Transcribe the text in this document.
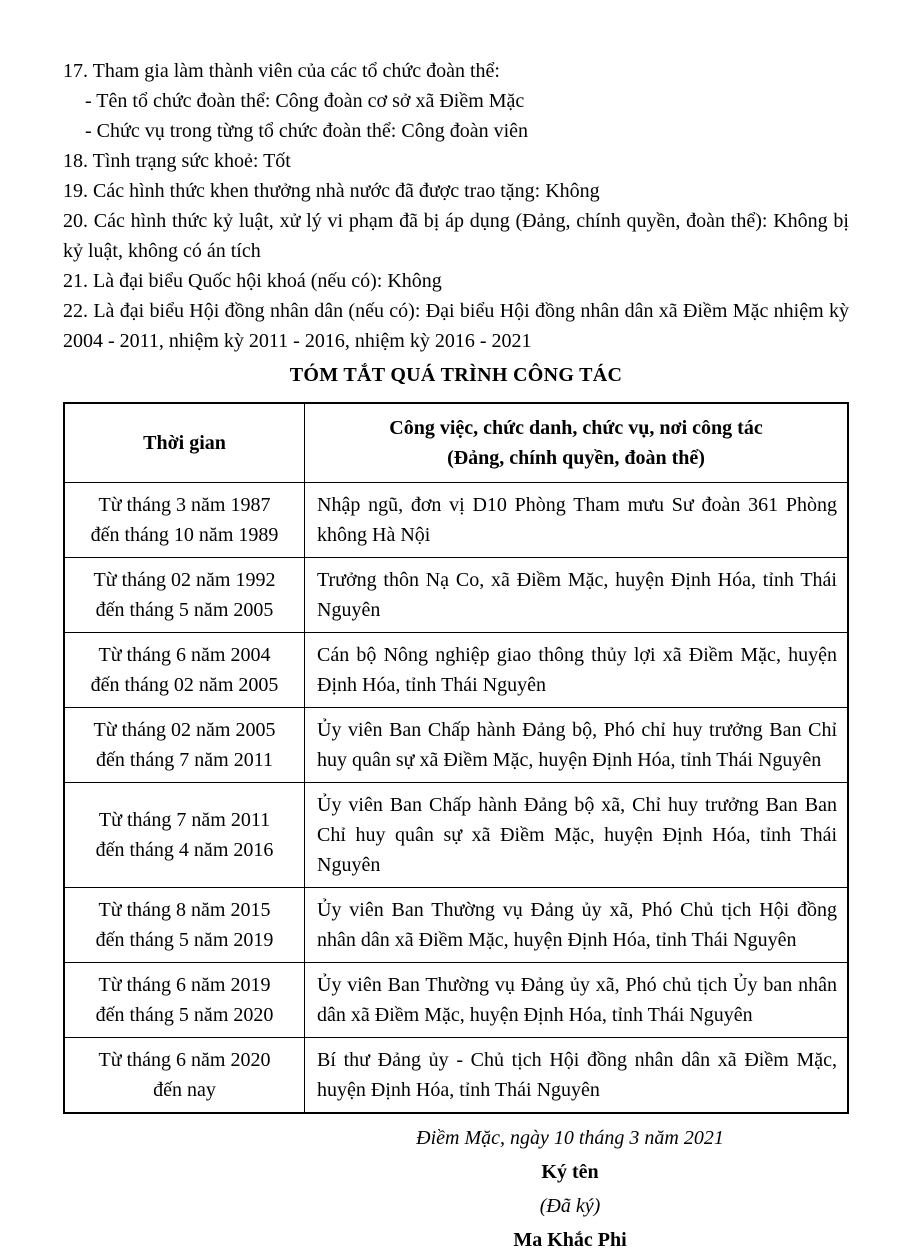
17. Tham gia làm thành viên của các tổ chức đoàn thể:

- Tên tổ chức đoàn thể: Công đoàn cơ sở xã Điềm Mặc

- Chức vụ trong từng tổ chức đoàn thể: Công đoàn viên

18. Tình trạng sức khoẻ: Tốt

19. Các hình thức khen thưởng nhà nước đã được trao tặng: Không

20. Các hình thức kỷ luật, xử lý vi phạm đã bị áp dụng (Đảng, chính quyền, đoàn thể): Không bị kỷ luật, không có án tích

21. Là đại biểu Quốc hội khoá (nếu có): Không

22. Là đại biểu Hội đồng nhân dân (nếu có): Đại biểu Hội đồng nhân dân xã Điềm Mặc nhiệm kỳ 2004 - 2011, nhiệm kỳ 2011 - 2016, nhiệm kỳ 2016 - 2021

TÓM TẮT QUÁ TRÌNH CÔNG TÁC
Thời gian	Công việc, chức danh, chức vụ, nơi công tác
(Đảng, chính quyền, đoàn thể)

Từ tháng 3 năm 1987
đến tháng 10 năm 1989	Nhập ngũ, đơn vị D10 Phòng Tham mưu Sư đoàn 361 Phòng không Hà Nội

Từ tháng 02 năm 1992
đến tháng 5 năm 2005	Trưởng thôn Nạ Co, xã Điềm Mặc, huyện Định Hóa, tỉnh Thái Nguyên

Từ tháng 6 năm 2004
đến tháng 02 năm 2005	Cán bộ Nông nghiệp giao thông thủy lợi xã Điềm Mặc, huyện Định Hóa, tỉnh Thái Nguyên

Từ tháng 02 năm 2005
đến tháng 7 năm 2011	Ủy viên Ban Chấp hành Đảng bộ, Phó chỉ huy trưởng Ban Chỉ huy quân sự xã Điềm Mặc, huyện Định Hóa, tỉnh Thái Nguyên

Từ tháng 7 năm 2011
đến tháng 4 năm 2016	Ủy viên Ban Chấp hành Đảng bộ xã, Chỉ huy trưởng Ban Ban Chỉ huy quân sự xã Điềm Mặc, huyện Định Hóa, tỉnh Thái Nguyên

Từ tháng 8 năm 2015
đến tháng 5 năm 2019	Ủy viên Ban Thường vụ Đảng ủy xã, Phó Chủ tịch Hội đồng nhân dân xã Điềm Mặc, huyện Định Hóa, tỉnh Thái Nguyên

Từ tháng 6 năm 2019
đến tháng 5 năm 2020	Ủy viên Ban Thường vụ Đảng ủy xã, Phó chủ tịch Ủy ban nhân dân xã Điềm Mặc, huyện Định Hóa, tỉnh Thái Nguyên

Từ tháng 6 năm 2020
đến nay	Bí thư Đảng ủy - Chủ tịch Hội đồng nhân dân xã Điềm Mặc, huyện Định Hóa, tỉnh Thái Nguyên

Điềm Mặc, ngày 10 tháng 3 năm 2021

Ký tên

(Đã ký)

Ma Khắc Phi
